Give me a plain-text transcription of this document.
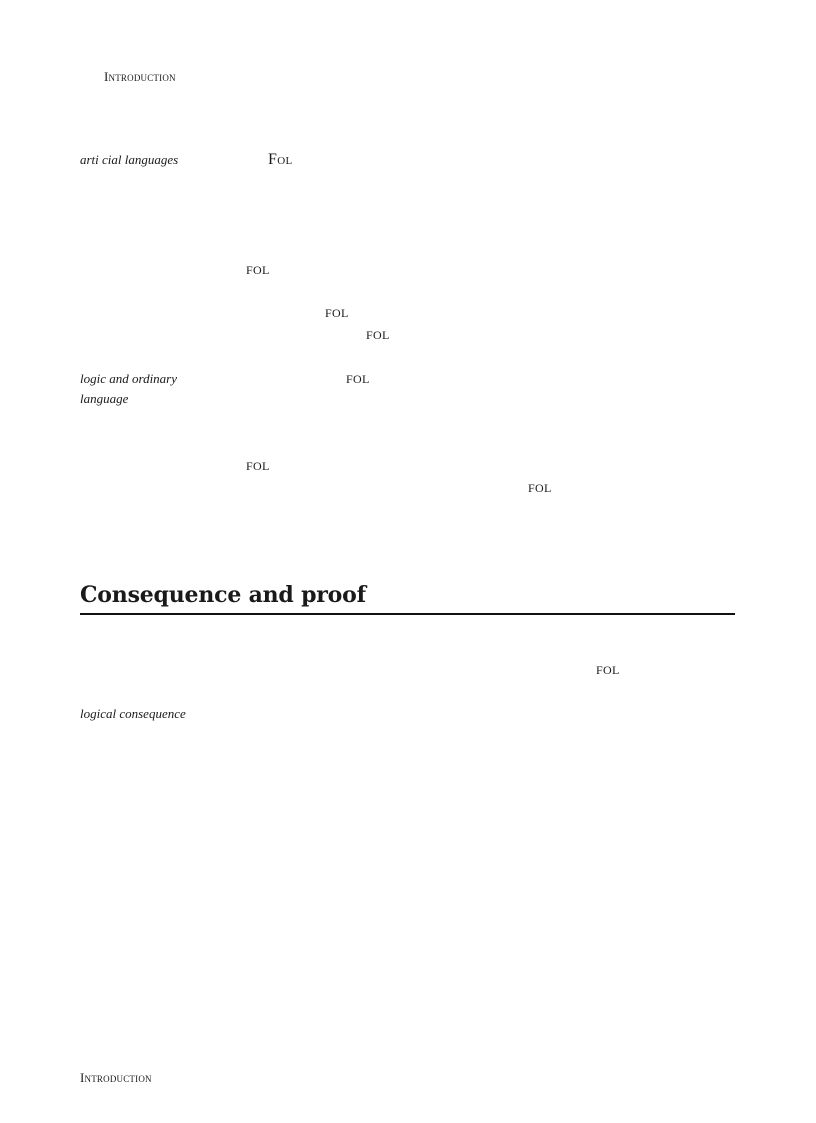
Introduction
arti cial languages	Fol
FOL
FOL
FOL
logic and ordinary
language
FOL
FOL
FOL
Consequence and proof
FOL
logical consequence
Introduction
